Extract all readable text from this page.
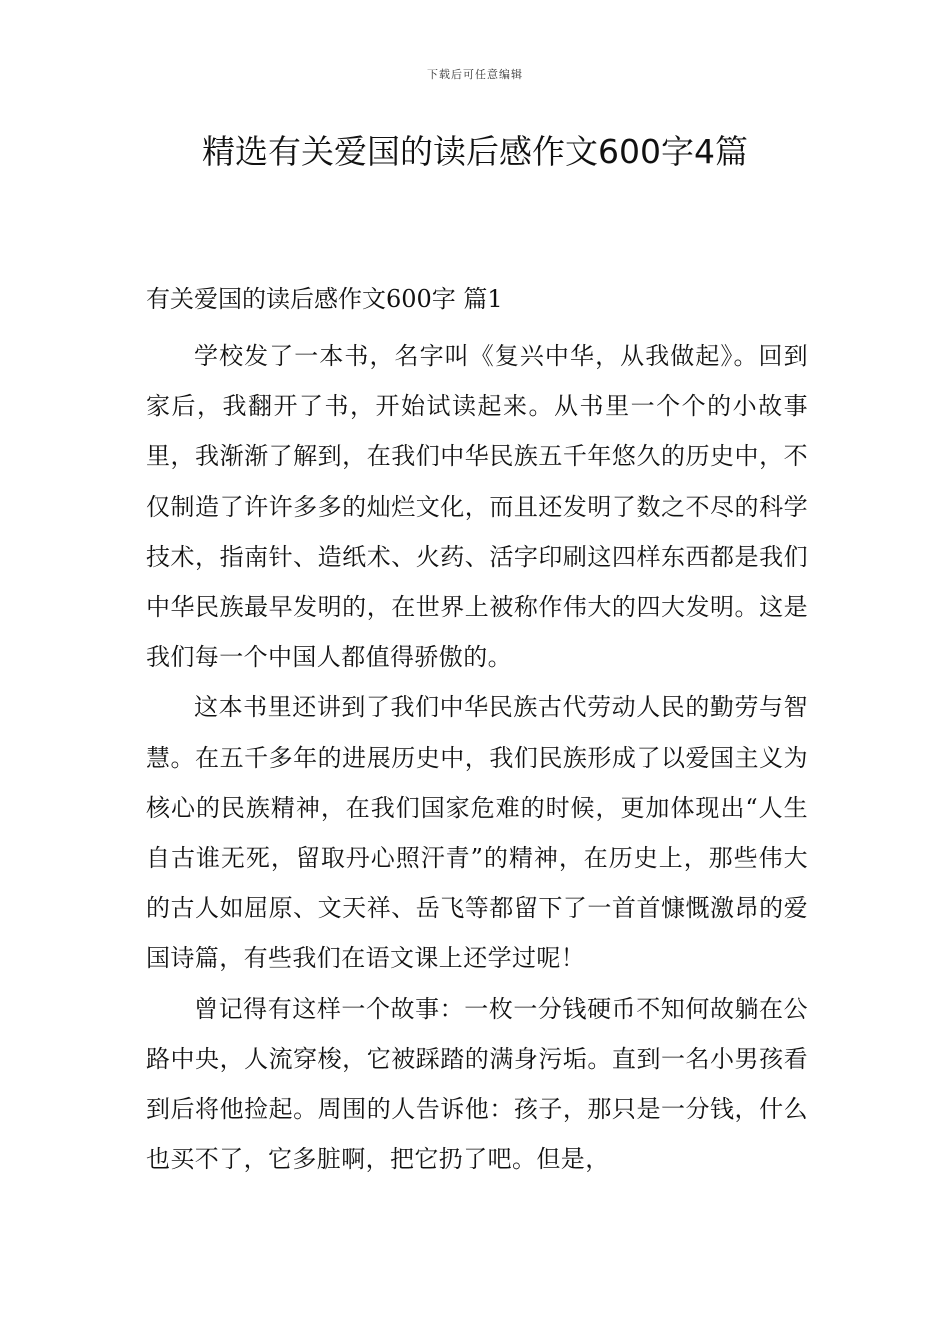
下载后可任意编辑
精选有关爱国的读后感作文600字4篇

有关爱国的读后感作文600字 篇1

学校发了一本书，名字叫《复兴中华，从我做起》。回到家后，我翻开了书，开始试读起来。从书里一个个的小故事里，我渐渐了解到，在我们中华民族五千年悠久的历史中，不仅制造了许许多多的灿烂文化，而且还发明了数之不尽的科学技术，指南针、造纸术、火药、活字印刷这四样东西都是我们中华民族最早发明的，在世界上被称作伟大的四大发明。这是我们每一个中国人都值得骄傲的。

这本书里还讲到了我们中华民族古代劳动人民的勤劳与智慧。在五千多年的进展历史中，我们民族形成了以爱国主义为核心的民族精神，在我们国家危难的时候，更加体现出“人生自古谁无死，留取丹心照汗青”的精神，在历史上，那些伟大的古人如屈原、文天祥、岳飞等都留下了一首首慷慨激昂的爱国诗篇，有些我们在语文课上还学过呢！

曾记得有这样一个故事：一枚一分钱硬币不知何故躺在公路中央，人流穿梭，它被踩踏的满身污垢。直到一名小男孩看到后将他捡起。周围的人告诉他：孩子，那只是一分钱，什么也买不了，它多脏啊，把它扔了吧。但是，
